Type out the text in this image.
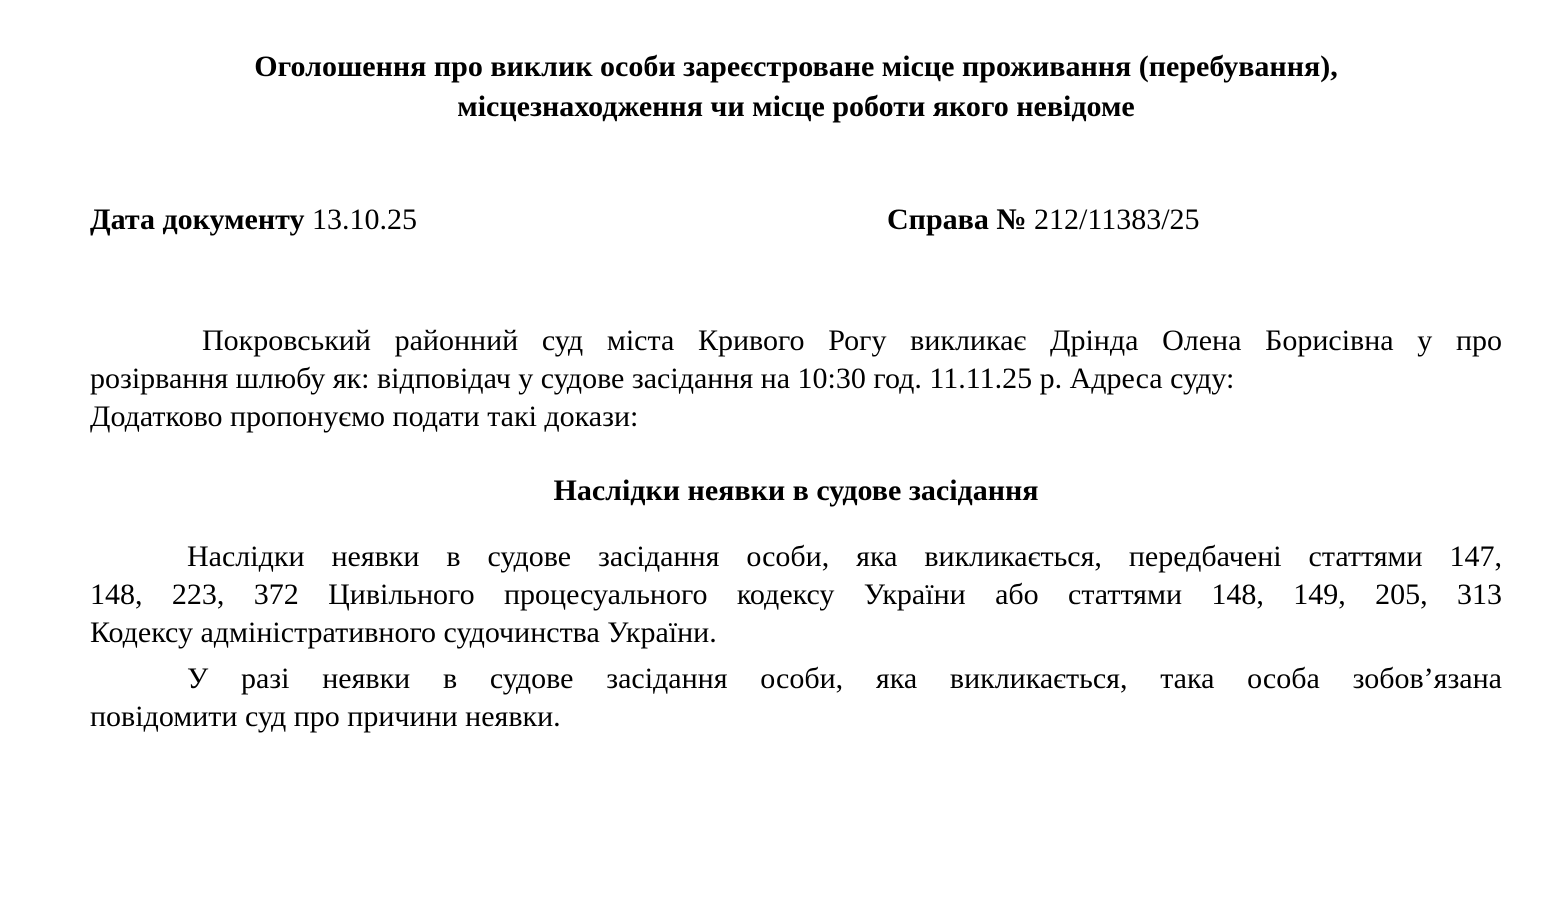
Оголошення про виклик особи зареєстроване місце проживання (перебування),
місцезнаходження чи місце роботи якого невідоме
Дата документу 13.10.25	Справа № 212/11383/25
Покровський районний суд міста Кривого Рогу викликає Дрінда Олена Борисівна у про
розірвання шлюбу як: відповідач у судове засідання на 10:30 год. 11.11.25 р. Адреса суду:
Додатково пропонуємо подати такі докази:
Наслідки неявки в судове засідання
Наслідки неявки в судове засідання особи, яка викликається, передбачені статтями 147,
148, 223, 372 Цивільного процесуального кодексу України або статтями 148, 149, 205, 313
Кодексу адміністративного судочинства України.
У разі неявки в судове засідання особи, яка викликається, така особа зобов’язана
повідомити суд про причини неявки.
